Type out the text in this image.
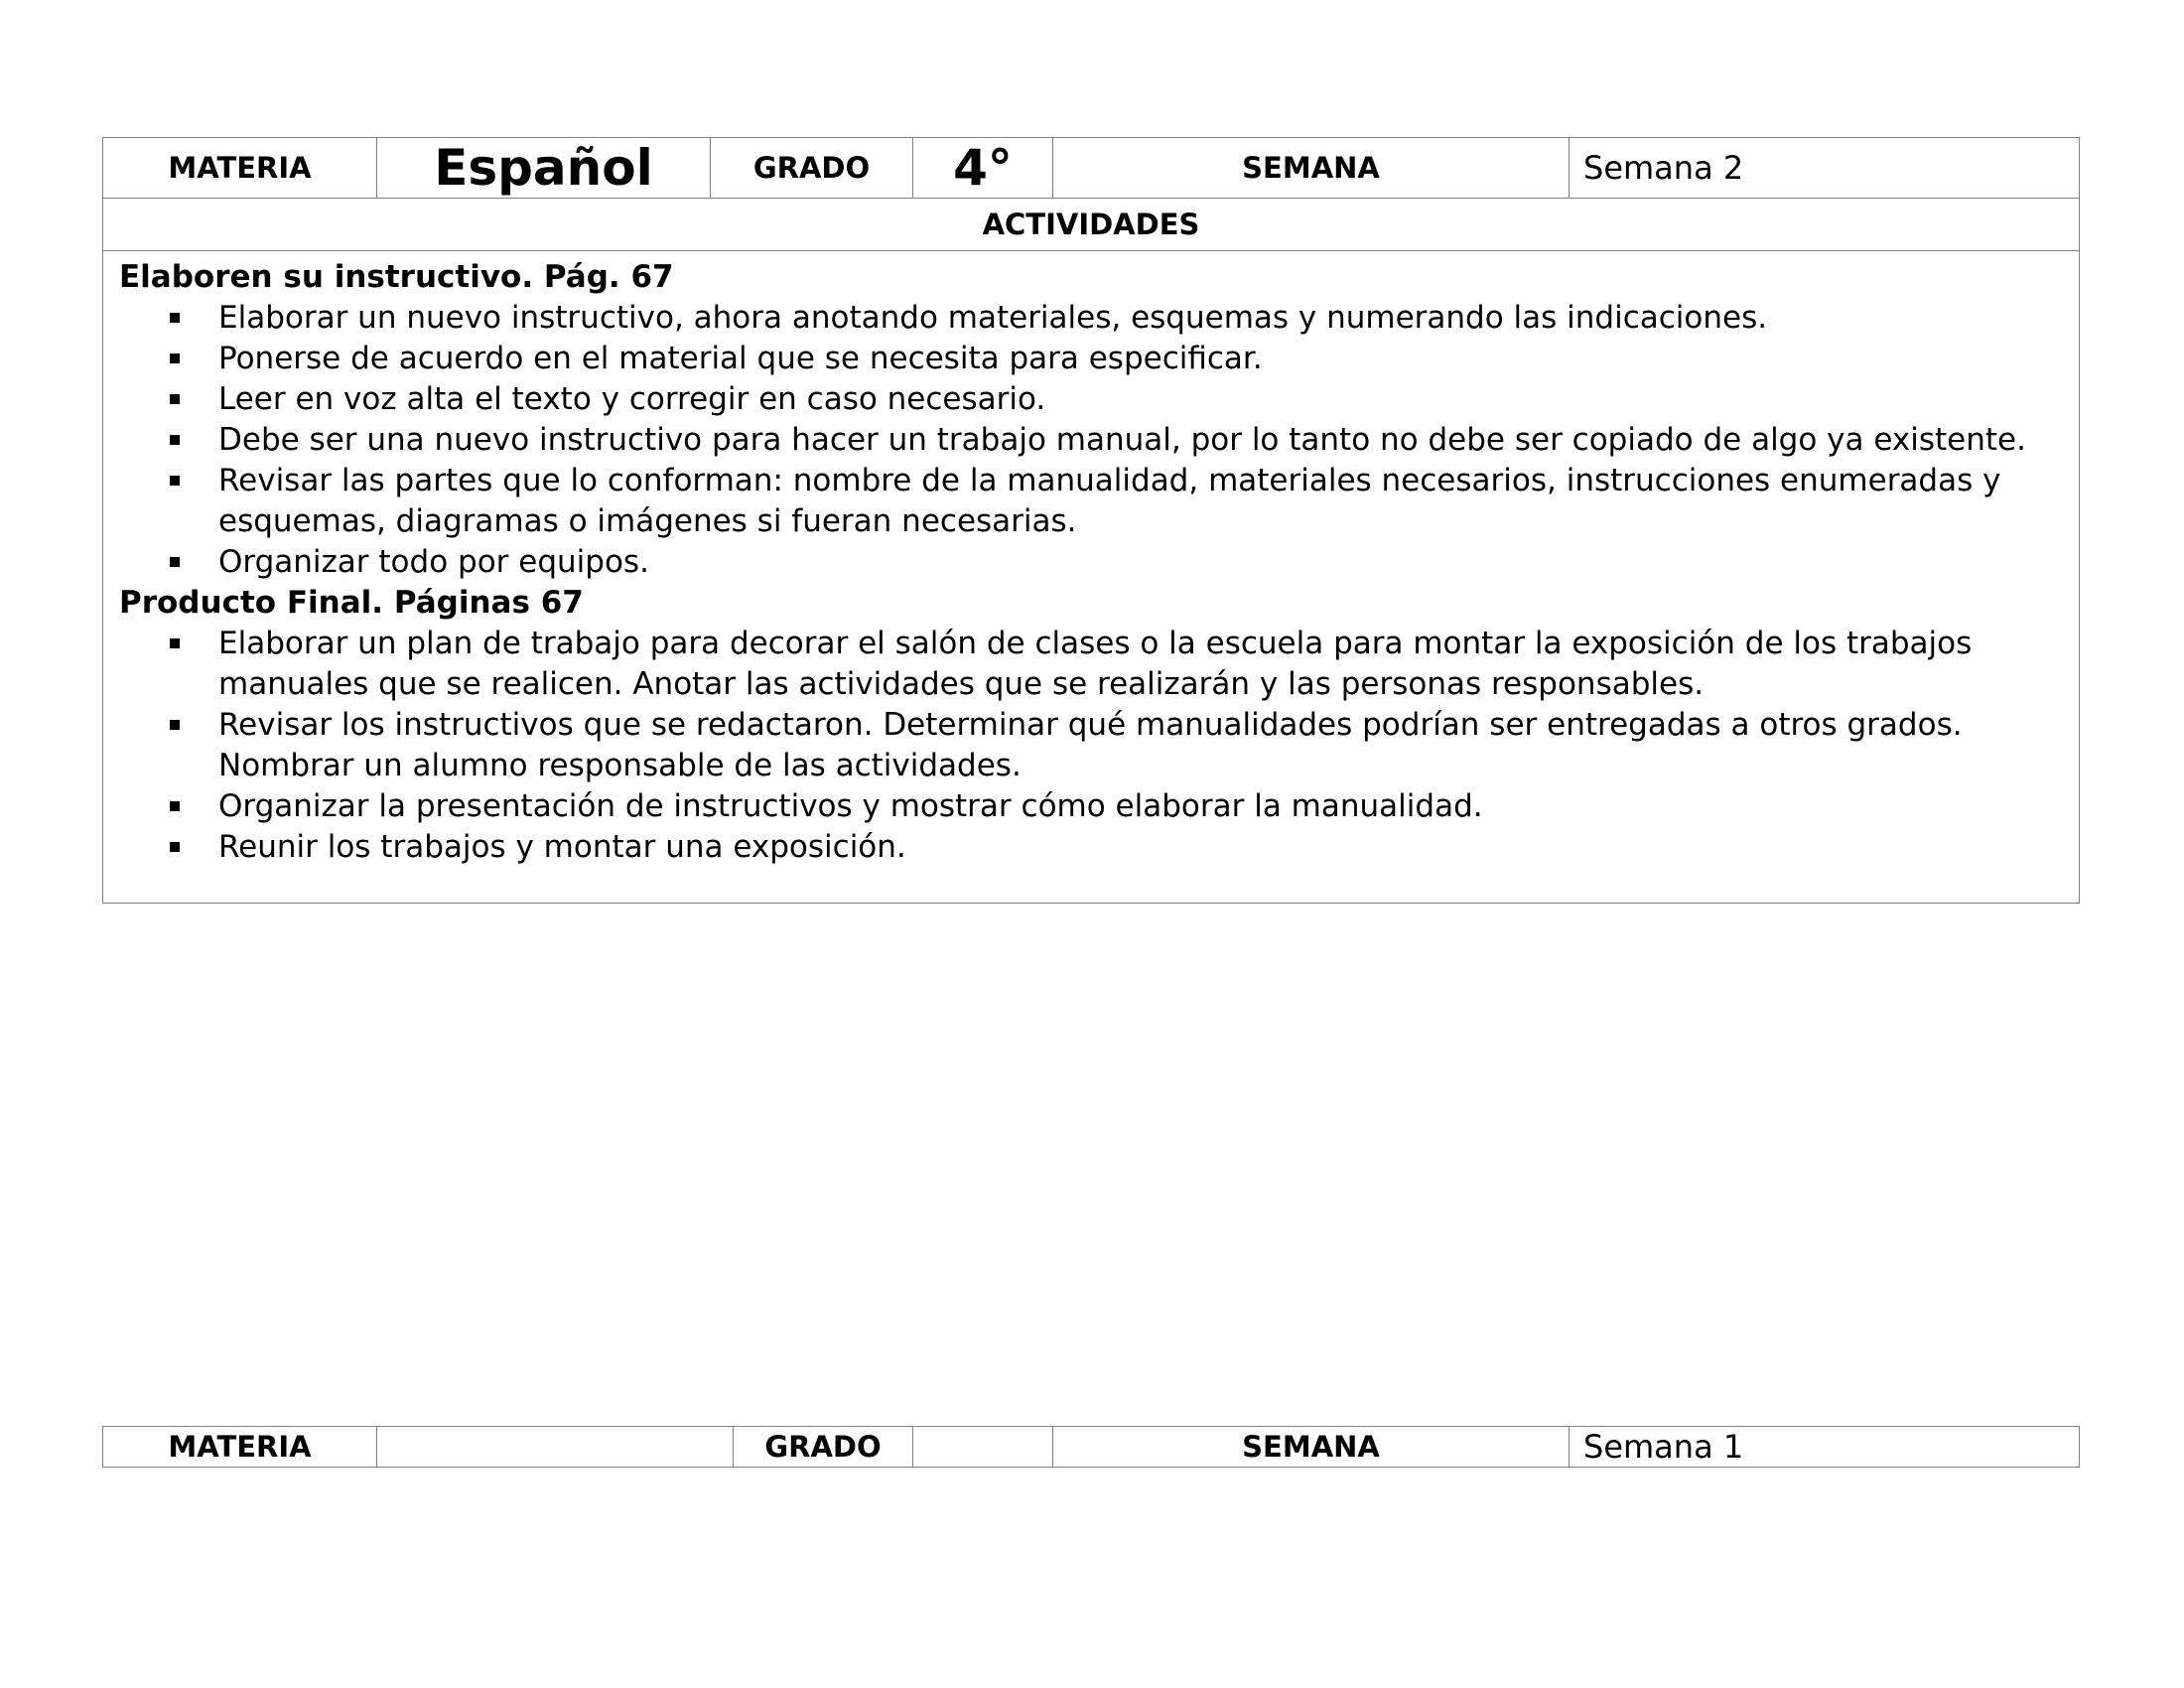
MATERIA	Español	GRADO	4°	SEMANA	Semana 2
ACTIVIDADES

Elaboren su instructivo. Pág. 67
Elaborar un nuevo instructivo, ahora anotando materiales, esquemas y numerando las indicaciones.
Ponerse de acuerdo en el material que se necesita para especificar.
Leer en voz alta el texto y corregir en caso necesario.
Debe ser una nuevo instructivo para hacer un trabajo manual, por lo tanto no debe ser copiado de algo ya existente.
Revisar las partes que lo conforman: nombre de la manualidad, materiales necesarios, instrucciones enumeradas y esquemas, diagramas o imágenes si fueran necesarias.
Organizar todo por equipos.
Producto Final. Páginas 67
Elaborar un plan de trabajo para decorar el salón de clases o la escuela para montar la exposición de los trabajos manuales que se realicen. Anotar las actividades que se realizarán y las personas responsables.
Revisar los instructivos que se redactaron. Determinar qué manualidades podrían ser entregadas a otros grados. Nombrar un alumno responsable de las actividades.
Organizar la presentación de instructivos y mostrar cómo elaborar la manualidad.
Reunir los trabajos y montar una exposición.
MATERIA		GRADO		SEMANA	Semana 1
